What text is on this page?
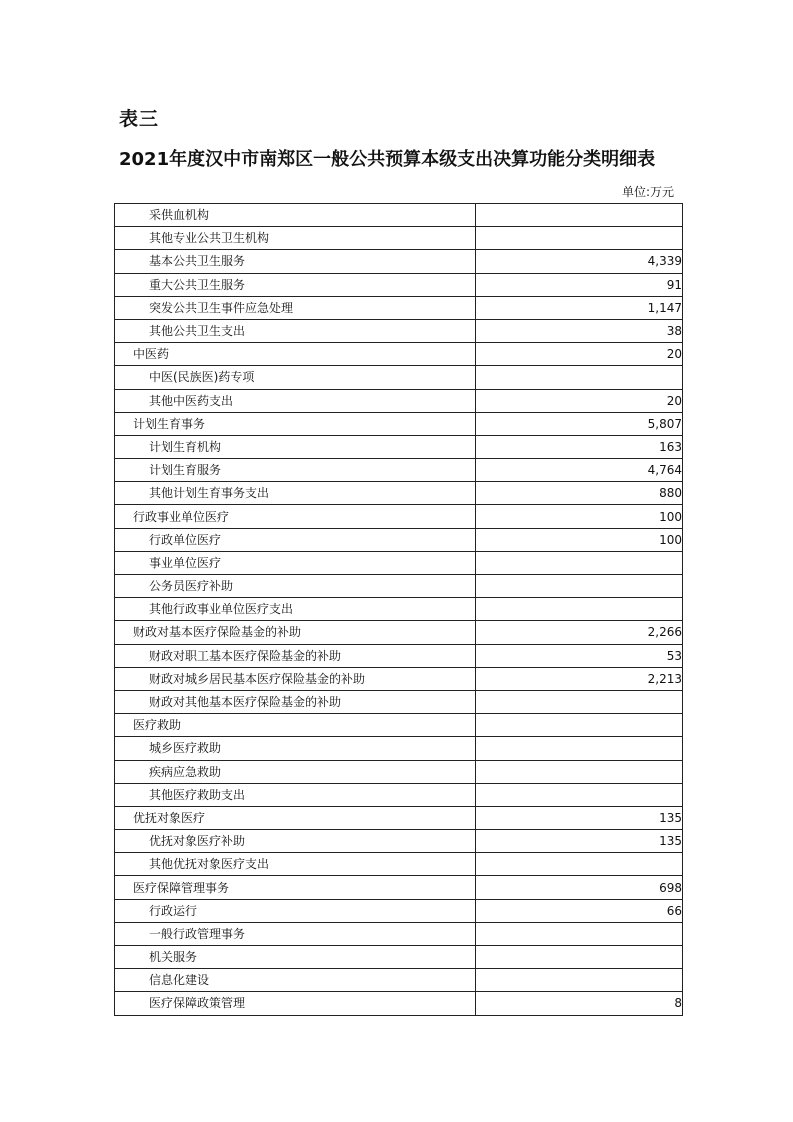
表三
2021年度汉中市南郑区一般公共预算本级支出决算功能分类明细表
单位:万元
采供血机构	
其他专业公共卫生机构	
基本公共卫生服务	4,339
重大公共卫生服务	91
突发公共卫生事件应急处理	1,147
其他公共卫生支出	38
中医药	20
中医(民族医)药专项	
其他中医药支出	20
计划生育事务	5,807
计划生育机构	163
计划生育服务	4,764
其他计划生育事务支出	880
行政事业单位医疗	100
行政单位医疗	100
事业单位医疗	
公务员医疗补助	
其他行政事业单位医疗支出	
财政对基本医疗保险基金的补助	2,266
财政对职工基本医疗保险基金的补助	53
财政对城乡居民基本医疗保险基金的补助	2,213
财政对其他基本医疗保险基金的补助	
医疗救助	
城乡医疗救助	
疾病应急救助	
其他医疗救助支出	
优抚对象医疗	135
优抚对象医疗补助	135
其他优抚对象医疗支出	
医疗保障管理事务	698
行政运行	66
一般行政管理事务	
机关服务	
信息化建设	
医疗保障政策管理	8
